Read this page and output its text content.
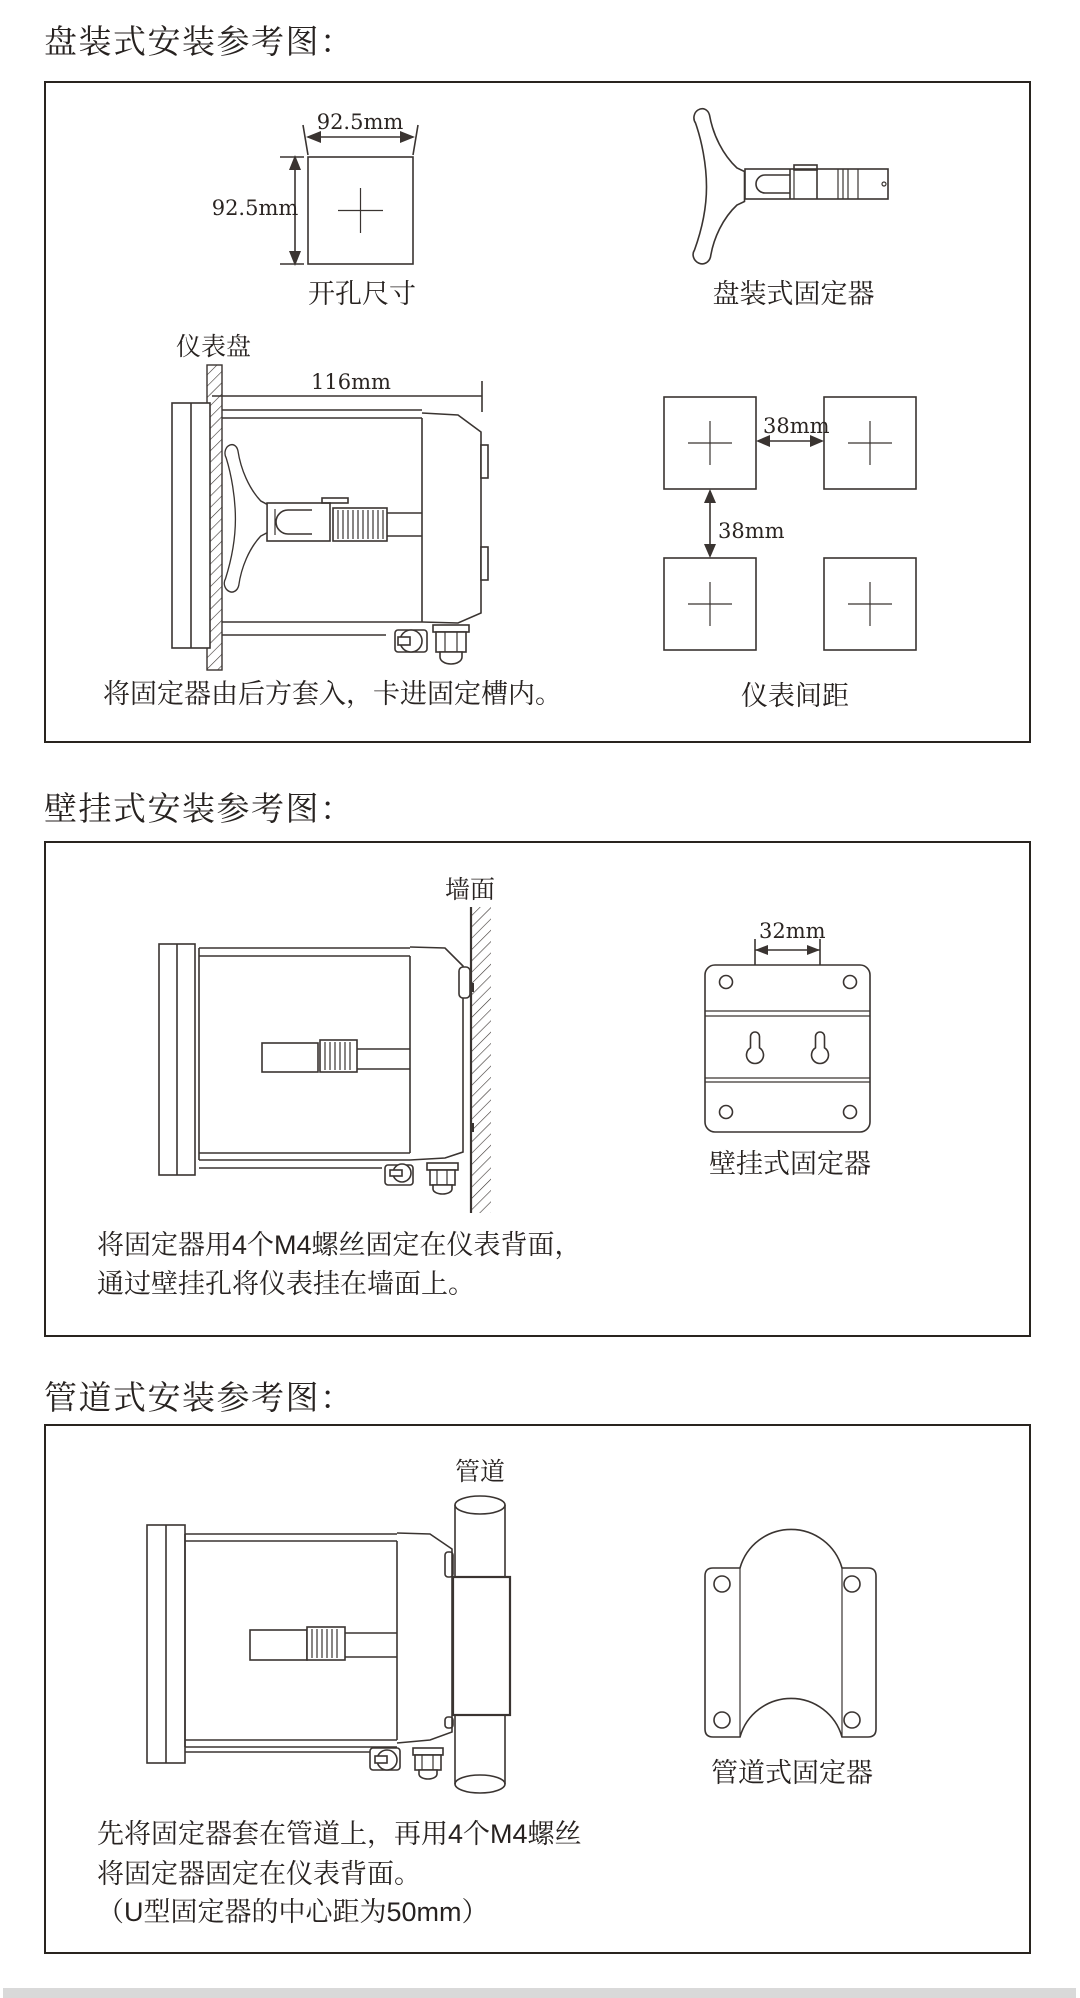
盘装式安装参考图：
92.5mm
92.5mm
开孔尺寸	盘装式固定器
仪表盘
116mm
38mm
38mm
仪表间距
将固定器由后方套入，卡进固定槽内。
壁挂式安装参考图：
墙面
32mm
壁挂式固定器
将固定器用4个M4螺丝固定在仪表背面，
通过壁挂孔将仪表挂在墙面上。
管道式安装参考图：
管道
管道式固定器
先将固定器套在管道上，再用4个M4螺丝
将固定器固定在仪表背面。
（U型固定器的中心距为50mm）
